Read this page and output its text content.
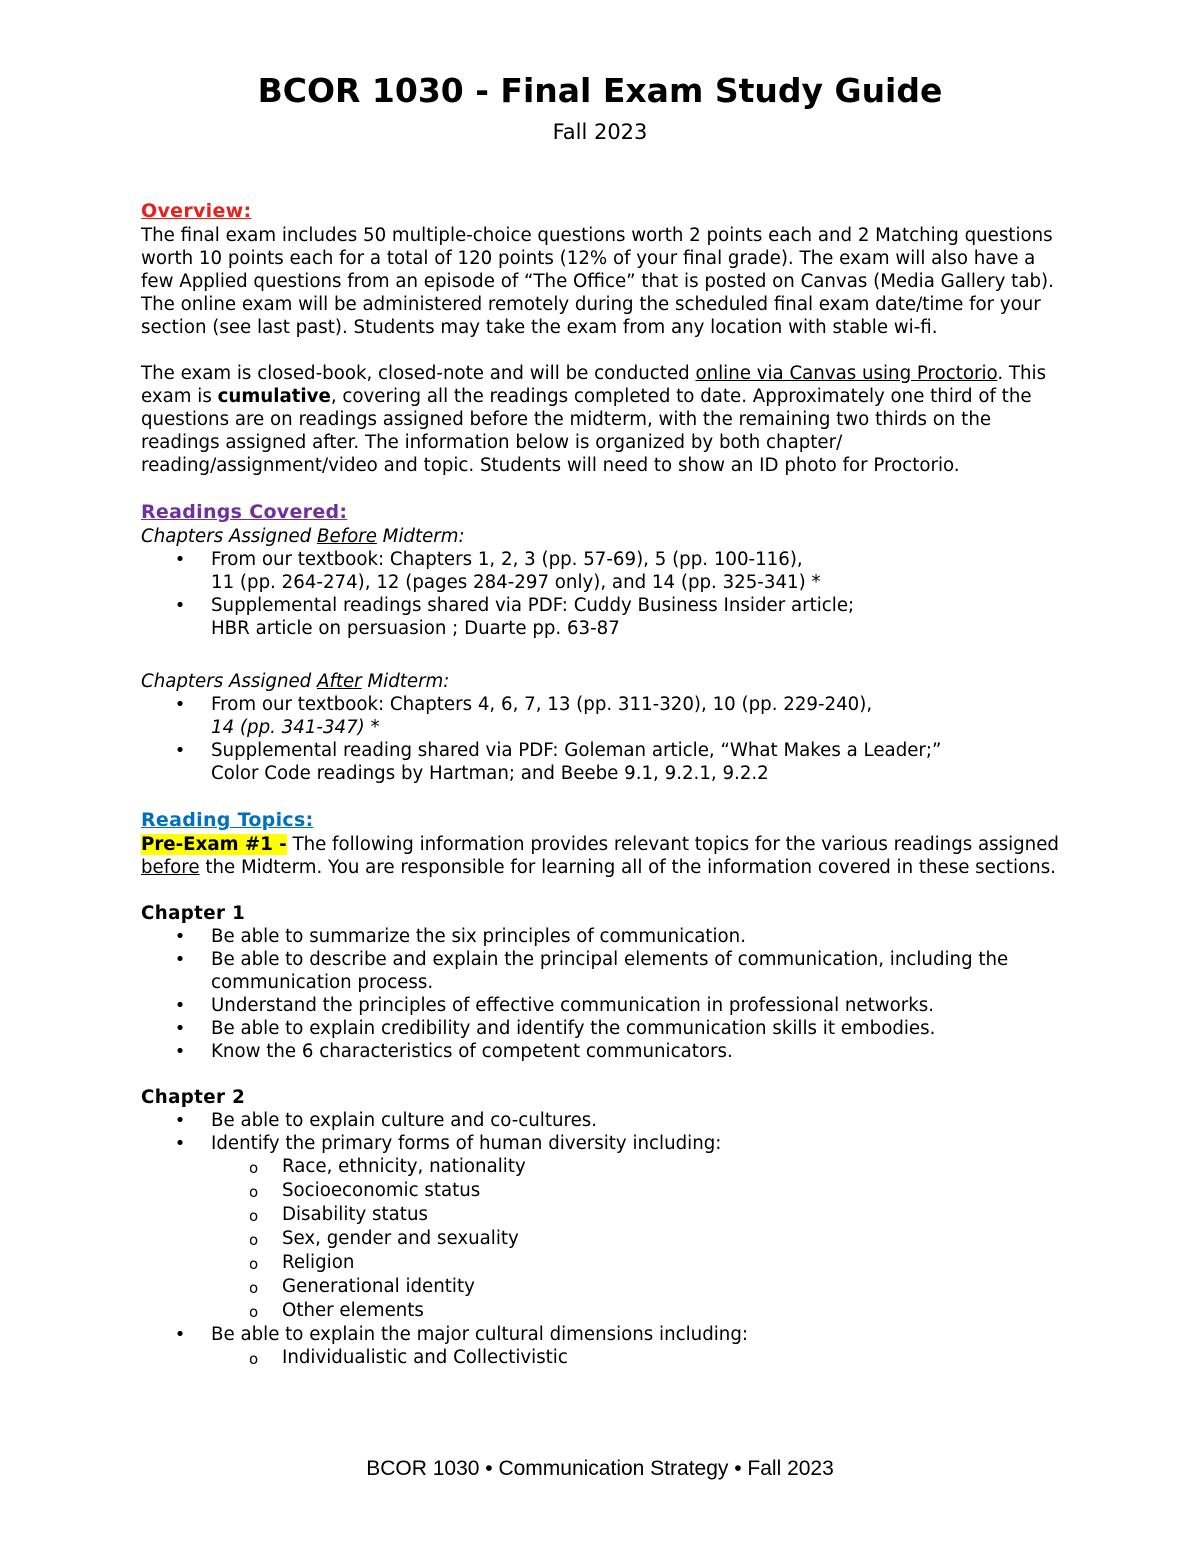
BCOR 1030 - Final Exam Study Guide
Fall 2023

Overview:

The final exam includes 50 multiple-choice questions worth 2 points each and 2 Matching questions worth 10 points each for a total of 120 points (12% of your final grade). The exam will also have a few Applied questions from an episode of “The Office” that is posted on Canvas (Media Gallery tab). The online exam will be administered remotely during the scheduled final exam date/time for your section (see last past). Students may take the exam from any location with stable wi-fi.

The exam is closed-book, closed-note and will be conducted online via Canvas using Proctorio. This exam is cumulative, covering all the readings completed to date. Approximately one third of the questions are on readings assigned before the midterm, with the remaining two thirds on the readings assigned after. The information below is organized by both chapter/ reading/assignment/video and topic. Students will need to show an ID photo for Proctorio.

Readings Covered:

Chapters Assigned Before Midterm:

• From our textbook: Chapters 1, 2, 3 (pp. 57-69), 5 (pp. 100-116),
11 (pp. 264-274), 12 (pages 284-297 only), and 14 (pp. 325-341) *
• Supplemental readings shared via PDF: Cuddy Business Insider article;
HBR article on persuasion ; Duarte pp. 63-87

Chapters Assigned After Midterm:

• From our textbook: Chapters 4, 6, 7, 13 (pp. 311-320), 10 (pp. 229-240),
14 (pp. 341-347) *
• Supplemental reading shared via PDF: Goleman article, “What Makes a Leader;”
Color Code readings by Hartman; and Beebe 9.1, 9.2.1, 9.2.2

Reading Topics:

Pre-Exam #1 - The following information provides relevant topics for the various readings assigned before the Midterm. You are responsible for learning all of the information covered in these sections.

Chapter 1

• Be able to summarize the six principles of communication.
• Be able to describe and explain the principal elements of communication, including the communication process.
• Understand the principles of effective communication in professional networks.
• Be able to explain credibility and identify the communication skills it embodies.
• Know the 6 characteristics of competent communicators.

Chapter 2

• Be able to explain culture and co-cultures.
• Identify the primary forms of human diversity including:
o Race, ethnicity, nationality
o Socioeconomic status
o Disability status
o Sex, gender and sexuality
o Religion
o Generational identity
o Other elements
• Be able to explain the major cultural dimensions including:
o Individualistic and Collectivistic
BCOR 1030 • Communication Strategy • Fall 2023
